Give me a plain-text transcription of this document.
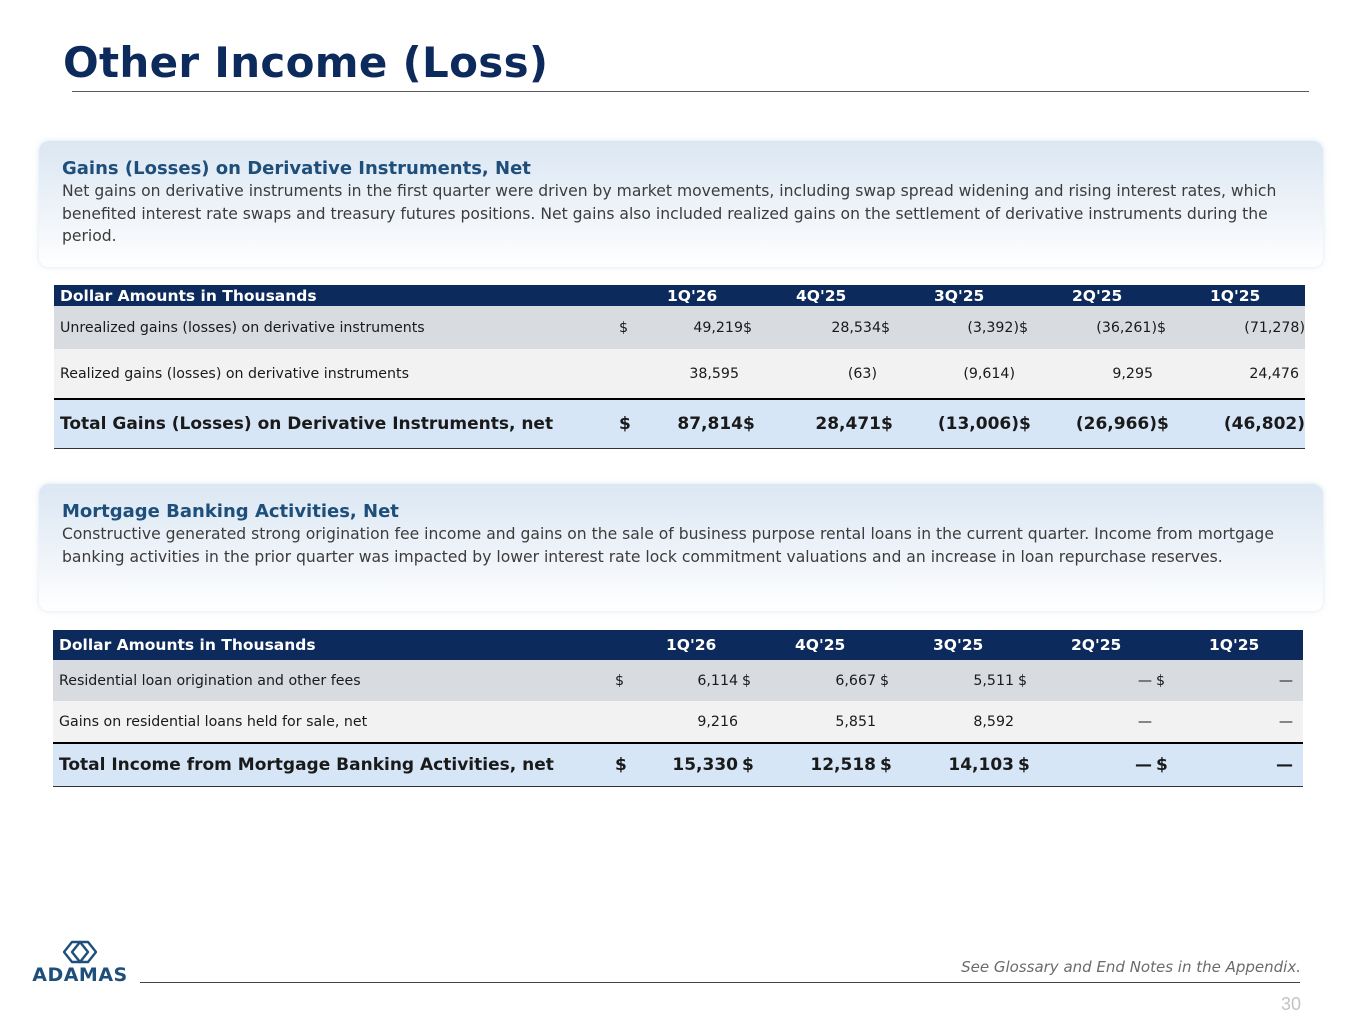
Other Income (Loss)
Gains (Losses) on Derivative Instruments, Net
Net gains on derivative instruments in the first quarter were driven by market movements, including swap spread widening and rising interest rates, which benefited interest rate swaps and treasury futures positions. Net gains also included realized gains on the settlement of derivative instruments during the period.
Dollar Amounts in Thousands	1Q'26		4Q'25		3Q'25		2Q'25		1Q'25	
Unrealized gains (losses) on derivative instruments	$	49,219	$	28,534	$	(3,392)	$	(36,261)	$	(71,278)
Realized gains (losses) on derivative instruments		38,595		(63)		(9,614)		9,295		24,476
Total Gains (Losses) on Derivative Instruments, net	$	87,814	$	28,471	$	(13,006)	$	(26,966)	$	(46,802)
Mortgage Banking Activities, Net
Constructive generated strong origination fee income and gains on the sale of business purpose rental loans in the current quarter. Income from mortgage banking activities in the prior quarter was impacted by lower interest rate lock commitment valuations and an increase in loan repurchase reserves.
Dollar Amounts in Thousands	1Q'26		4Q'25		3Q'25		2Q'25		1Q'25	
Residential loan origination and other fees	$	6,114	$	6,667	$	5,511	$	—	$	—
Gains on residential loans held for sale, net		9,216		5,851		8,592		—		—
Total Income from Mortgage Banking Activities, net	$	15,330	$	12,518	$	14,103	$	—	$	—
ADAMAS	See Glossary and End Notes in the Appendix.
30
